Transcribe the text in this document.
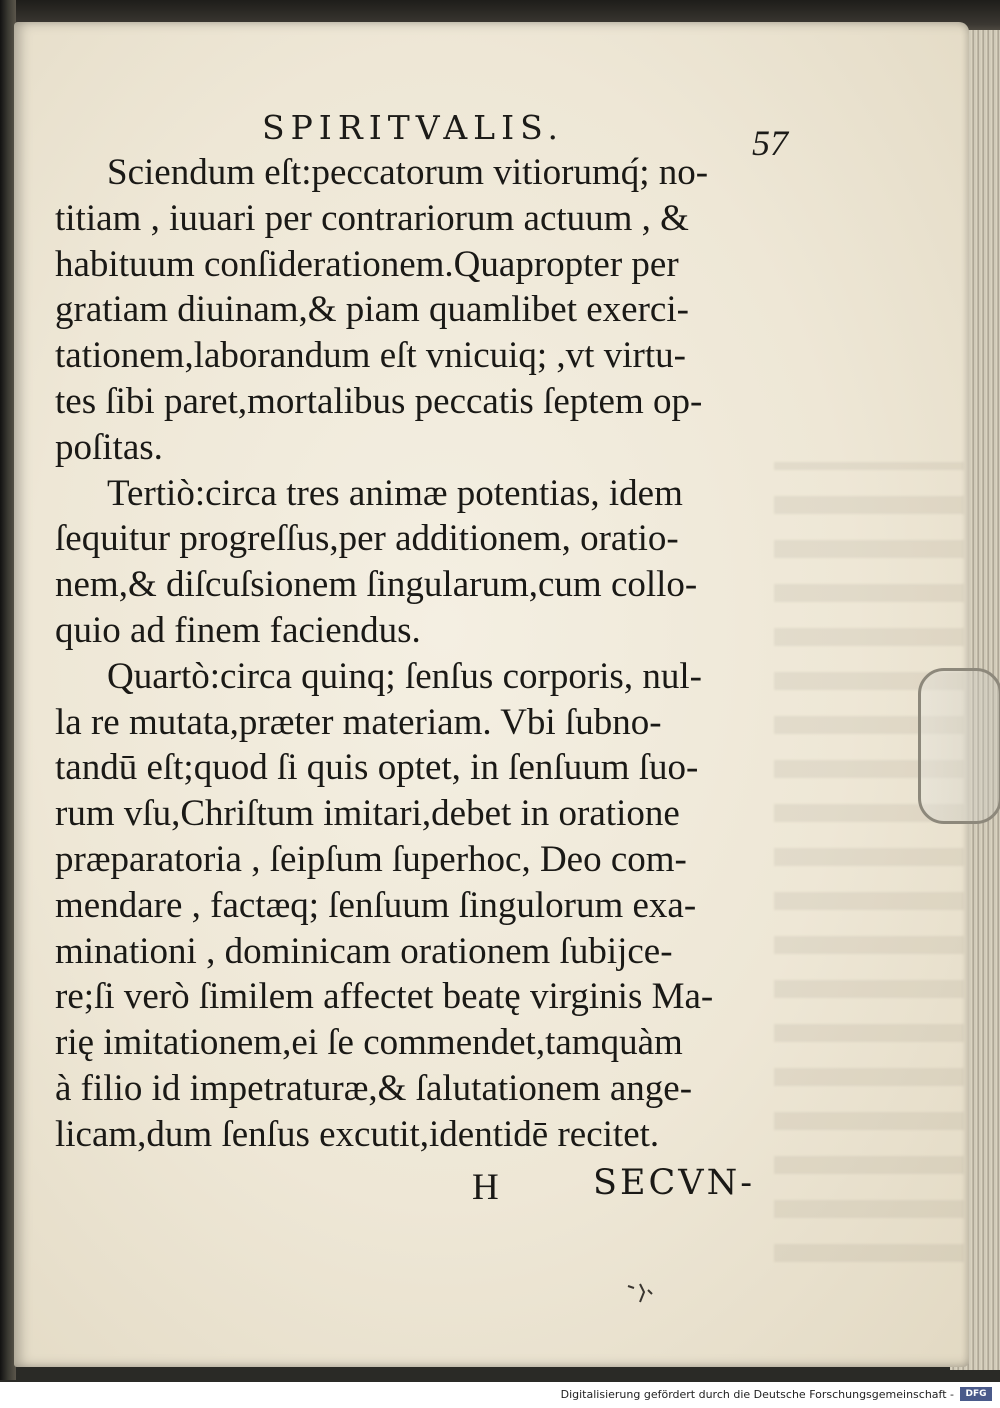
SPIRITVALIS.	57
Sciendum eſt:peccatorum vitiorumq́; no-
titiam , iuuari per contrariorum actuum , &
habituum conſiderationem.Quapropter per
gratiam diuinam,& piam quamlibet exerci-
tationem,laborandum eſt vnicuiq; ,vt virtu-
tes ſibi paret,mortalibus peccatis ſeptem op-
poſitas.
Tertiò:circa tres animæ potentias, idem
ſequitur progreſſus,per additionem, oratio-
nem,& diſcuſsionem ſingularum,cum collo-
quio ad finem faciendus.
Quartò:circa quinq; ſenſus corporis, nul-
la re mutata,præter materiam. Vbi ſubno-
tandū eſt;quod ſi quis optet, in ſenſuum ſuo-
rum vſu,Chriſtum imitari,debet in oratione
præparatoria , ſeipſum ſuperhoc, Deo com-
mendare , factæq; ſenſuum ſingulorum exa-
minationi , dominicam orationem ſubijce-
re;ſi verò ſimilem affectet beatę virginis Ma-
rię imitationem,ei ſe commendet,tamquàm
à filio id impetraturæ,& ſalutationem ange-
licam,dum ſenſus excutit,identidē recitet.
H	SECVN-
Digitalisierung gefördert durch die Deutsche Forschungsgemeinschaft -	DFG
